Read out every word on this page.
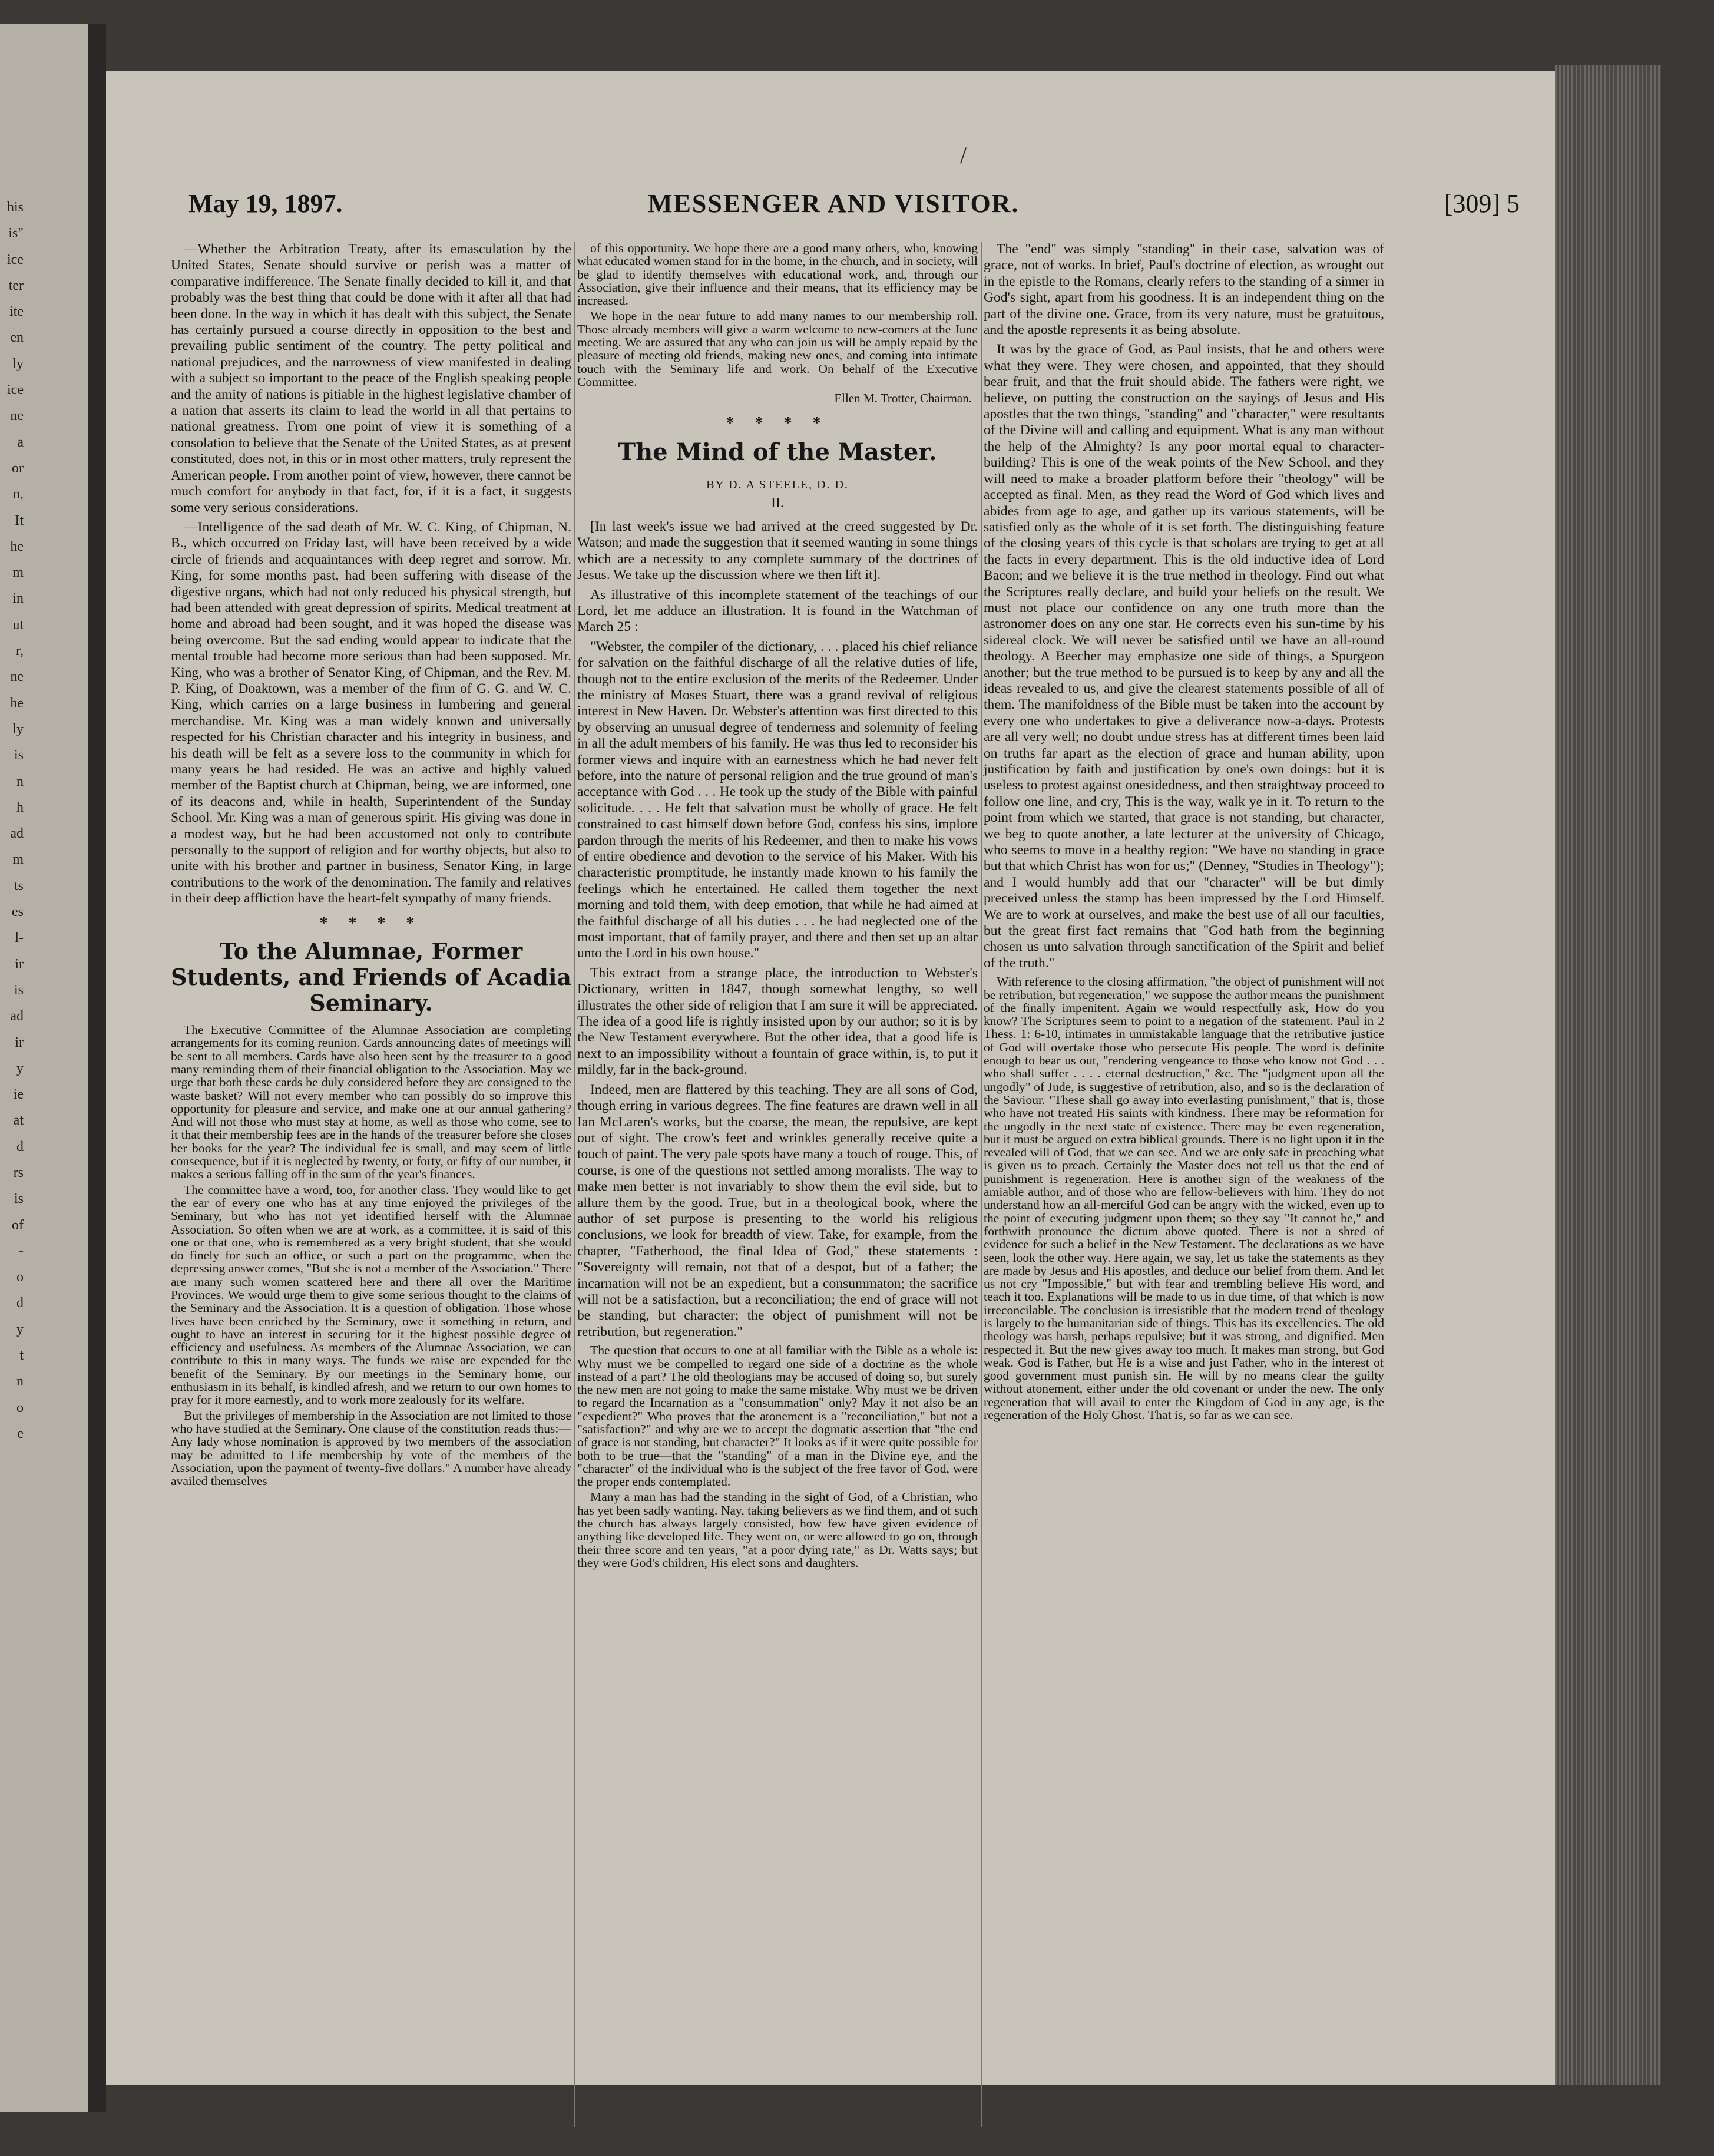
his
is"
ice
ter
ite
en
ly
ice
ne
a
or
n,
It
he
m
in
ut
r,
ne
he
ly
is
n
h
ad
m
ts
es
l-
ir
is
ad
ir
y
ie
at
d
rs
is
of
-
o
d
y
t
n
o
e
/
May 19, 1897.	MESSENGER AND VISITOR.	[309] 5

—Whether the Arbitration Treaty, after its emasculation by the United States, Senate should survive or perish was a matter of comparative indifference. The Senate finally decided to kill it, and that probably was the best thing that could be done with it after all that had been done. In the way in which it has dealt with this subject, the Senate has certainly pursued a course directly in opposition to the best and prevailing public sentiment of the country. The petty political and national prejudices, and the narrowness of view manifested in dealing with a subject so important to the peace of the English speaking people and the amity of nations is pitiable in the highest legislative chamber of a nation that asserts its claim to lead the world in all that pertains to national greatness. From one point of view it is something of a consolation to believe that the Senate of the United States, as at present constituted, does not, in this or in most other matters, truly represent the American people. From another point of view, however, there cannot be much comfort for anybody in that fact, for, if it is a fact, it suggests some very serious considerations.

—Intelligence of the sad death of Mr. W. C. King, of Chipman, N. B., which occurred on Friday last, will have been received by a wide circle of friends and acquaintances with deep regret and sorrow. Mr. King, for some months past, had been suffering with disease of the digestive organs, which had not only reduced his physical strength, but had been attended with great depression of spirits. Medical treatment at home and abroad had been sought, and it was hoped the disease was being overcome. But the sad ending would appear to indicate that the mental trouble had become more serious than had been supposed. Mr. King, who was a brother of Senator King, of Chipman, and the Rev. M. P. King, of Doaktown, was a member of the firm of G. G. and W. C. King, which carries on a large business in lumbering and general merchandise. Mr. King was a man widely known and universally respected for his Christian character and his integrity in business, and his death will be felt as a severe loss to the community in which for many years he had resided. He was an active and highly valued member of the Baptist church at Chipman, being, we are informed, one of its deacons and, while in health, Superintendent of the Sunday School. Mr. King was a man of generous spirit. His giving was done in a modest way, but he had been accustomed not only to contribute personally to the support of religion and for worthy objects, but also to unite with his brother and partner in business, Senator King, in large contributions to the work of the denomination. The family and relatives in their deep affliction have the heart-felt sympathy of many friends.

* * * *
To the Alumnae, Former Students, and Friends of Acadia Seminary.

The Executive Committee of the Alumnae Association are completing arrangements for its coming reunion. Cards announcing dates of meetings will be sent to all members. Cards have also been sent by the treasurer to a good many reminding them of their financial obligation to the Association. May we urge that both these cards be duly considered before they are consigned to the waste basket? Will not every member who can possibly do so improve this opportunity for pleasure and service, and make one at our annual gathering? And will not those who must stay at home, as well as those who come, see to it that their membership fees are in the hands of the treasurer before she closes her books for the year? The individual fee is small, and may seem of little consequence, but if it is neglected by twenty, or forty, or fifty of our number, it makes a serious falling off in the sum of the year's finances.

The committee have a word, too, for another class. They would like to get the ear of every one who has at any time enjoyed the privileges of the Seminary, but who has not yet identified herself with the Alumnae Association. So often when we are at work, as a committee, it is said of this one or that one, who is remembered as a very bright student, that she would do finely for such an office, or such a part on the programme, when the depressing answer comes, "But she is not a member of the Association." There are many such women scattered here and there all over the Maritime Provinces. We would urge them to give some serious thought to the claims of the Seminary and the Association. It is a question of obligation. Those whose lives have been enriched by the Seminary, owe it something in return, and ought to have an interest in securing for it the highest possible degree of efficiency and usefulness. As members of the Alumnae Association, we can contribute to this in many ways. The funds we raise are expended for the benefit of the Seminary. By our meetings in the Seminary home, our enthusiasm in its behalf, is kindled afresh, and we return to our own homes to pray for it more earnestly, and to work more zealously for its welfare.

But the privileges of membership in the Association are not limited to those who have studied at the Seminary. One clause of the constitution reads thus:—Any lady whose nomination is approved by two members of the association may be admitted to Life membership by vote of the members of the Association, upon the payment of twenty-five dollars." A number have already availed themselves

of this opportunity. We hope there are a good many others, who, knowing what educated women stand for in the home, in the church, and in society, will be glad to identify themselves with educational work, and, through our Association, give their influence and their means, that its efficiency may be increased.

We hope in the near future to add many names to our membership roll. Those already members will give a warm welcome to new-comers at the June meeting. We are assured that any who can join us will be amply repaid by the pleasure of meeting old friends, making new ones, and coming into intimate touch with the Seminary life and work. On behalf of the Executive Committee.

Ellen M. Trotter, Chairman.
* * * *
The Mind of the Master.
BY D. A STEELE, D. D.
II.

[In last week's issue we had arrived at the creed suggested by Dr. Watson; and made the suggestion that it seemed wanting in some things which are a necessity to any complete summary of the doctrines of Jesus. We take up the discussion where we then lift it].

As illustrative of this incomplete statement of the teachings of our Lord, let me adduce an illustration. It is found in the Watchman of March 25 :

"Webster, the compiler of the dictionary, . . . placed his chief reliance for salvation on the faithful discharge of all the relative duties of life, though not to the entire exclusion of the merits of the Redeemer. Under the ministry of Moses Stuart, there was a grand revival of religious interest in New Haven. Dr. Webster's attention was first directed to this by observing an unusual degree of tenderness and solemnity of feeling in all the adult members of his family. He was thus led to reconsider his former views and inquire with an earnestness which he had never felt before, into the nature of personal religion and the true ground of man's acceptance with God . . . He took up the study of the Bible with painful solicitude. . . . He felt that salvation must be wholly of grace. He felt constrained to cast himself down before God, confess his sins, implore pardon through the merits of his Redeemer, and then to make his vows of entire obedience and devotion to the service of his Maker. With his characteristic promptitude, he instantly made known to his family the feelings which he entertained. He called them together the next morning and told them, with deep emotion, that while he had aimed at the faithful discharge of all his duties . . . he had neglected one of the most important, that of family prayer, and there and then set up an altar unto the Lord in his own house."

This extract from a strange place, the introduction to Webster's Dictionary, written in 1847, though somewhat lengthy, so well illustrates the other side of religion that I am sure it will be appreciated. The idea of a good life is rightly insisted upon by our author; so it is by the New Testament everywhere. But the other idea, that a good life is next to an impossibility without a fountain of grace within, is, to put it mildly, far in the back-ground.

Indeed, men are flattered by this teaching. They are all sons of God, though erring in various degrees. The fine features are drawn well in all Ian McLaren's works, but the coarse, the mean, the repulsive, are kept out of sight. The crow's feet and wrinkles generally receive quite a touch of paint. The very pale spots have many a touch of rouge. This, of course, is one of the questions not settled among moralists. The way to make men better is not invariably to show them the evil side, but to allure them by the good. True, but in a theological book, where the author of set purpose is presenting to the world his religious conclusions, we look for breadth of view. Take, for example, from the chapter, "Fatherhood, the final Idea of God," these statements : "Sovereignty will remain, not that of a despot, but of a father; the incarnation will not be an expedient, but a consummaton; the sacrifice will not be a satisfaction, but a reconciliation; the end of grace will not be standing, but character; the object of punishment will not be retribution, but regeneration."

The question that occurs to one at all familiar with the Bible as a whole is: Why must we be compelled to regard one side of a doctrine as the whole instead of a part? The old theologians may be accused of doing so, but surely the new men are not going to make the same mistake. Why must we be driven to regard the Incarnation as a "consummation" only? May it not also be an "expedient?" Who proves that the atonement is a "reconciliation," but not a "satisfaction?" and why are we to accept the dogmatic assertion that "the end of grace is not standing, but character?" It looks as if it were quite possible for both to be true—that the "standing" of a man in the Divine eye, and the "character" of the individual who is the subject of the free favor of God, were the proper ends contemplated.

Many a man has had the standing in the sight of God, of a Christian, who has yet been sadly wanting. Nay, taking believers as we find them, and of such the church has always largely consisted, how few have given evidence of anything like developed life. They went on, or were allowed to go on, through their three score and ten years, "at a poor dying rate," as Dr. Watts says; but they were God's children, His elect sons and daughters.

The "end" was simply "standing" in their case, salvation was of grace, not of works. In brief, Paul's doctrine of election, as wrought out in the epistle to the Romans, clearly refers to the standing of a sinner in God's sight, apart from his goodness. It is an independent thing on the part of the divine one. Grace, from its very nature, must be gratuitous, and the apostle represents it as being absolute.

It was by the grace of God, as Paul insists, that he and others were what they were. They were chosen, and appointed, that they should bear fruit, and that the fruit should abide. The fathers were right, we believe, on putting the construction on the sayings of Jesus and His apostles that the two things, "standing" and "character," were resultants of the Divine will and calling and equipment. What is any man without the help of the Almighty? Is any poor mortal equal to character-building? This is one of the weak points of the New School, and they will need to make a broader platform before their "theology" will be accepted as final. Men, as they read the Word of God which lives and abides from age to age, and gather up its various statements, will be satisfied only as the whole of it is set forth. The distinguishing feature of the closing years of this cycle is that scholars are trying to get at all the facts in every department. This is the old inductive idea of Lord Bacon; and we believe it is the true method in theology. Find out what the Scriptures really declare, and build your beliefs on the result. We must not place our confidence on any one truth more than the astronomer does on any one star. He corrects even his sun-time by his sidereal clock. We will never be satisfied until we have an all-round theology. A Beecher may emphasize one side of things, a Spurgeon another; but the true method to be pursued is to keep by any and all the ideas revealed to us, and give the clearest statements possible of all of them. The manifoldness of the Bible must be taken into the account by every one who undertakes to give a deliverance now-a-days. Protests are all very well; no doubt undue stress has at different times been laid on truths far apart as the election of grace and human ability, upon justification by faith and justification by one's own doings: but it is useless to protest against onesidedness, and then straightway proceed to follow one line, and cry, This is the way, walk ye in it. To return to the point from which we started, that grace is not standing, but character, we beg to quote another, a late lecturer at the university of Chicago, who seems to move in a healthy region: "We have no standing in grace but that which Christ has won for us;" (Denney, "Studies in Theology"); and I would humbly add that our "character" will be but dimly preceived unless the stamp has been impressed by the Lord Himself. We are to work at ourselves, and make the best use of all our faculties, but the great first fact remains that "God hath from the beginning chosen us unto salvation through sanctification of the Spirit and belief of the truth."

With reference to the closing affirmation, "the object of punishment will not be retribution, but regeneration," we suppose the author means the punishment of the finally impenitent. Again we would respectfully ask, How do you know? The Scriptures seem to point to a negation of the statement. Paul in 2 Thess. 1: 6-10, intimates in unmistakable language that the retributive justice of God will overtake those who persecute His people. The word is definite enough to bear us out, "rendering vengeance to those who know not God . . . who shall suffer . . . . eternal destruction," &c. The "judgment upon all the ungodly" of Jude, is suggestive of retribution, also, and so is the declaration of the Saviour. "These shall go away into everlasting punishment," that is, those who have not treated His saints with kindness. There may be reformation for the ungodly in the next state of existence. There may be even regeneration, but it must be argued on extra biblical grounds. There is no light upon it in the revealed will of God, that we can see. And we are only safe in preaching what is given us to preach. Certainly the Master does not tell us that the end of punishment is regeneration. Here is another sign of the weakness of the amiable author, and of those who are fellow-believers with him. They do not understand how an all-merciful God can be angry with the wicked, even up to the point of executing judgment upon them; so they say "It cannot be," and forthwith pronounce the dictum above quoted. There is not a shred of evidence for such a belief in the New Testament. The declarations as we have seen, look the other way. Here again, we say, let us take the statements as they are made by Jesus and His apostles, and deduce our belief from them. And let us not cry "Impossible," but with fear and trembling believe His word, and teach it too. Explanations will be made to us in due time, of that which is now irreconcilable. The conclusion is irresistible that the modern trend of theology is largely to the humanitarian side of things. This has its excellencies. The old theology was harsh, perhaps repulsive; but it was strong, and dignified. Men respected it. But the new gives away too much. It makes man strong, but God weak. God is Father, but He is a wise and just Father, who in the interest of good government must punish sin. He will by no means clear the guilty without atonement, either under the old covenant or under the new. The only regeneration that will avail to enter the Kingdom of God in any age, is the regeneration of the Holy Ghost. That is, so far as we can see.
